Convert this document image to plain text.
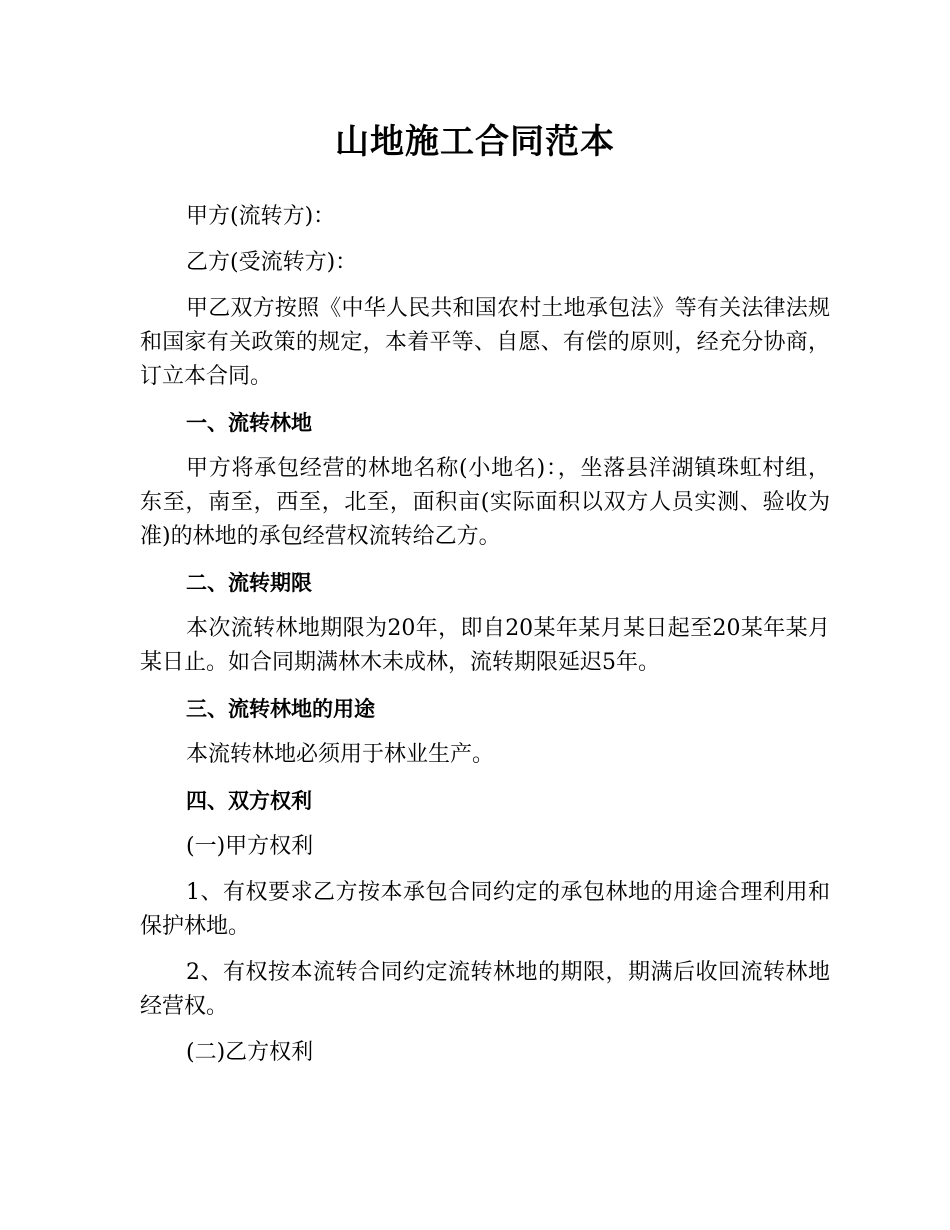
山地施工合同范本

甲方(流转方)：

乙方(受流转方)：

甲乙双方按照《中华人民共和国农村土地承包法》等有关法律法规和国家有关政策的规定，本着平等、自愿、有偿的原则，经充分协商，订立本合同。

一、流转林地

甲方将承包经营的林地名称(小地名)：，坐落县洋湖镇珠虹村组，东至，南至，西至，北至，面积亩(实际面积以双方人员实测、验收为准)的林地的承包经营权流转给乙方。

二、流转期限

本次流转林地期限为20年，即自20某年某月某日起至20某年某月某日止。如合同期满林木未成林，流转期限延迟5年。

三、流转林地的用途

本流转林地必须用于林业生产。

四、双方权利

(一)甲方权利

1、有权要求乙方按本承包合同约定的承包林地的用途合理利用和保护林地。

2、有权按本流转合同约定流转林地的期限，期满后收回流转林地经营权。

(二)乙方权利
